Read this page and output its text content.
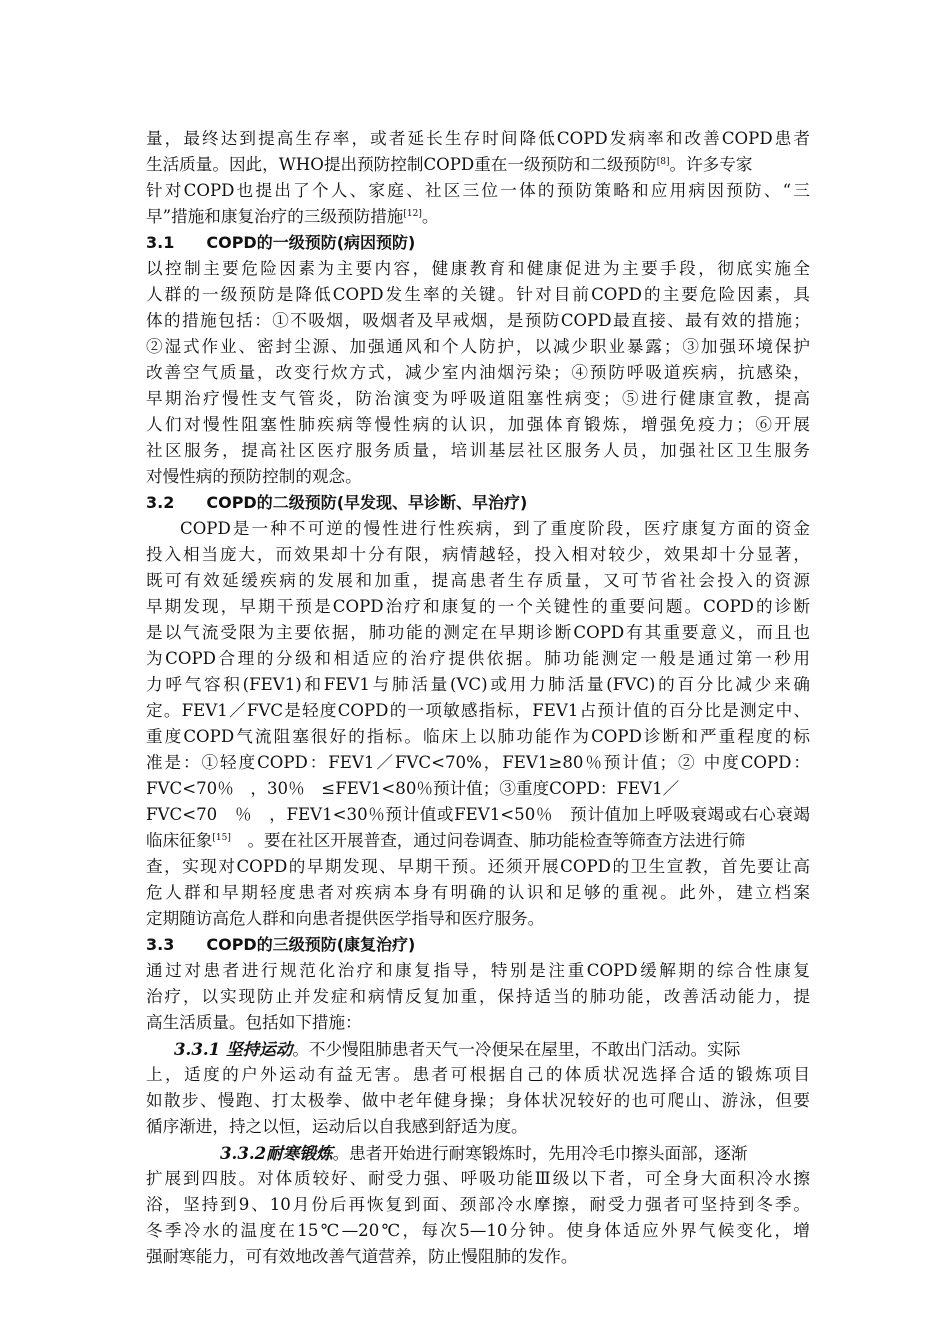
量，最终达到提高生存率，或者延长生存时间降低COPD发病率和改善COPD患者
生活质量。因此，WHO提出预防控制COPD重在一级预防和二级预防[8]。许多专家
针对COPD也提出了个人、家庭、社区三位一体的预防策略和应用病因预防、“三
早”措施和康复治疗的三级预防措施[12]。
3.1　　COPD的一级预防(病因预防)
以控制主要危险因素为主要内容，健康教育和健康促进为主要手段，彻底实施全
人群的一级预防是降低COPD发生率的关键。针对目前COPD的主要危险因素，具
体的措施包括：①不吸烟，吸烟者及早戒烟，是预防COPD最直接、最有效的措施；
②湿式作业、密封尘源、加强通风和个人防护，以减少职业暴露；③加强环境保护
改善空气质量，改变行炊方式，减少室内油烟污染；④预防呼吸道疾病，抗感染，
早期治疗慢性支气管炎，防治演变为呼吸道阻塞性病变；⑤进行健康宣教，提高
人们对慢性阻塞性肺疾病等慢性病的认识，加强体育锻炼，增强免疫力；⑥开展
社区服务，提高社区医疗服务质量，培训基层社区服务人员，加强社区卫生服务
对慢性病的预防控制的观念。
3.2　　COPD的二级预防(早发现、早诊断、早治疗)
COPD是一种不可逆的慢性进行性疾病，到了重度阶段，医疗康复方面的资金
投入相当庞大，而效果却十分有限，病情越轻，投入相对较少，效果却十分显著，
既可有效延缓疾病的发展和加重，提高患者生存质量，又可节省社会投入的资源
早期发现，早期干预是COPD治疗和康复的一个关键性的重要问题。COPD的诊断
是以气流受限为主要依据，肺功能的测定在早期诊断COPD有其重要意义，而且也
为COPD合理的分级和相适应的治疗提供依据。肺功能测定一般是通过第一秒用
力呼气容积(FEV1)和FEV1与肺活量(VC)或用力肺活量(FVC)的百分比减少来确
定。FEV1／FVC是轻度COPD的一项敏感指标，FEV1占预计值的百分比是测定中、
重度COPD气流阻塞很好的指标。临床上以肺功能作为COPD诊断和严重程度的标
准是：①轻度COPD：FEV1／FVC<70%，FEV1≥80％预计值；② 中度COPD：
FVC<70％　，30％　≤FEV1<80％预计值；③重度COPD：FEV1／
FVC<70　％　，FEV1<30％预计值或FEV1<50％　预计值加上呼吸衰竭或右心衰竭
临床征象[15]　。要在社区开展普查，通过问卷调查、肺功能检查等筛查方法进行筛
查，实现对COPD的早期发现、早期干预。还须开展COPD的卫生宣教，首先要让高
危人群和早期轻度患者对疾病本身有明确的认识和足够的重视。此外，建立档案
定期随访高危人群和向患者提供医学指导和医疗服务。
3.3　　COPD的三级预防(康复治疗)
通过对患者进行规范化治疗和康复指导，特别是注重COPD缓解期的综合性康复
治疗，以实现防止并发症和病情反复加重，保持适当的肺功能，改善活动能力，提
高生活质量。包括如下措施：
3.3.1 坚持运动。不少慢阻肺患者天气一冷便呆在屋里，不敢出门活动。实际
上，适度的户外运动有益无害。患者可根据自己的体质状况选择合适的锻炼项目
如散步、慢跑、打太极拳、做中老年健身操；身体状况较好的也可爬山、游泳，但要
循序渐进，持之以恒，运动后以自我感到舒适为度。
3.3.2耐寒锻炼。患者开始进行耐寒锻炼时，先用冷毛巾擦头面部，逐渐
扩展到四肢。对体质较好、耐受力强、呼吸功能Ⅲ级以下者，可全身大面积冷水擦
浴，坚持到9、10月份后再恢复到面、颈部冷水摩擦，耐受力强者可坚持到冬季。
冬季冷水的温度在15℃—20℃，每次5—10分钟。使身体适应外界气候变化，增
强耐寒能力，可有效地改善气道营养，防止慢阻肺的发作。
